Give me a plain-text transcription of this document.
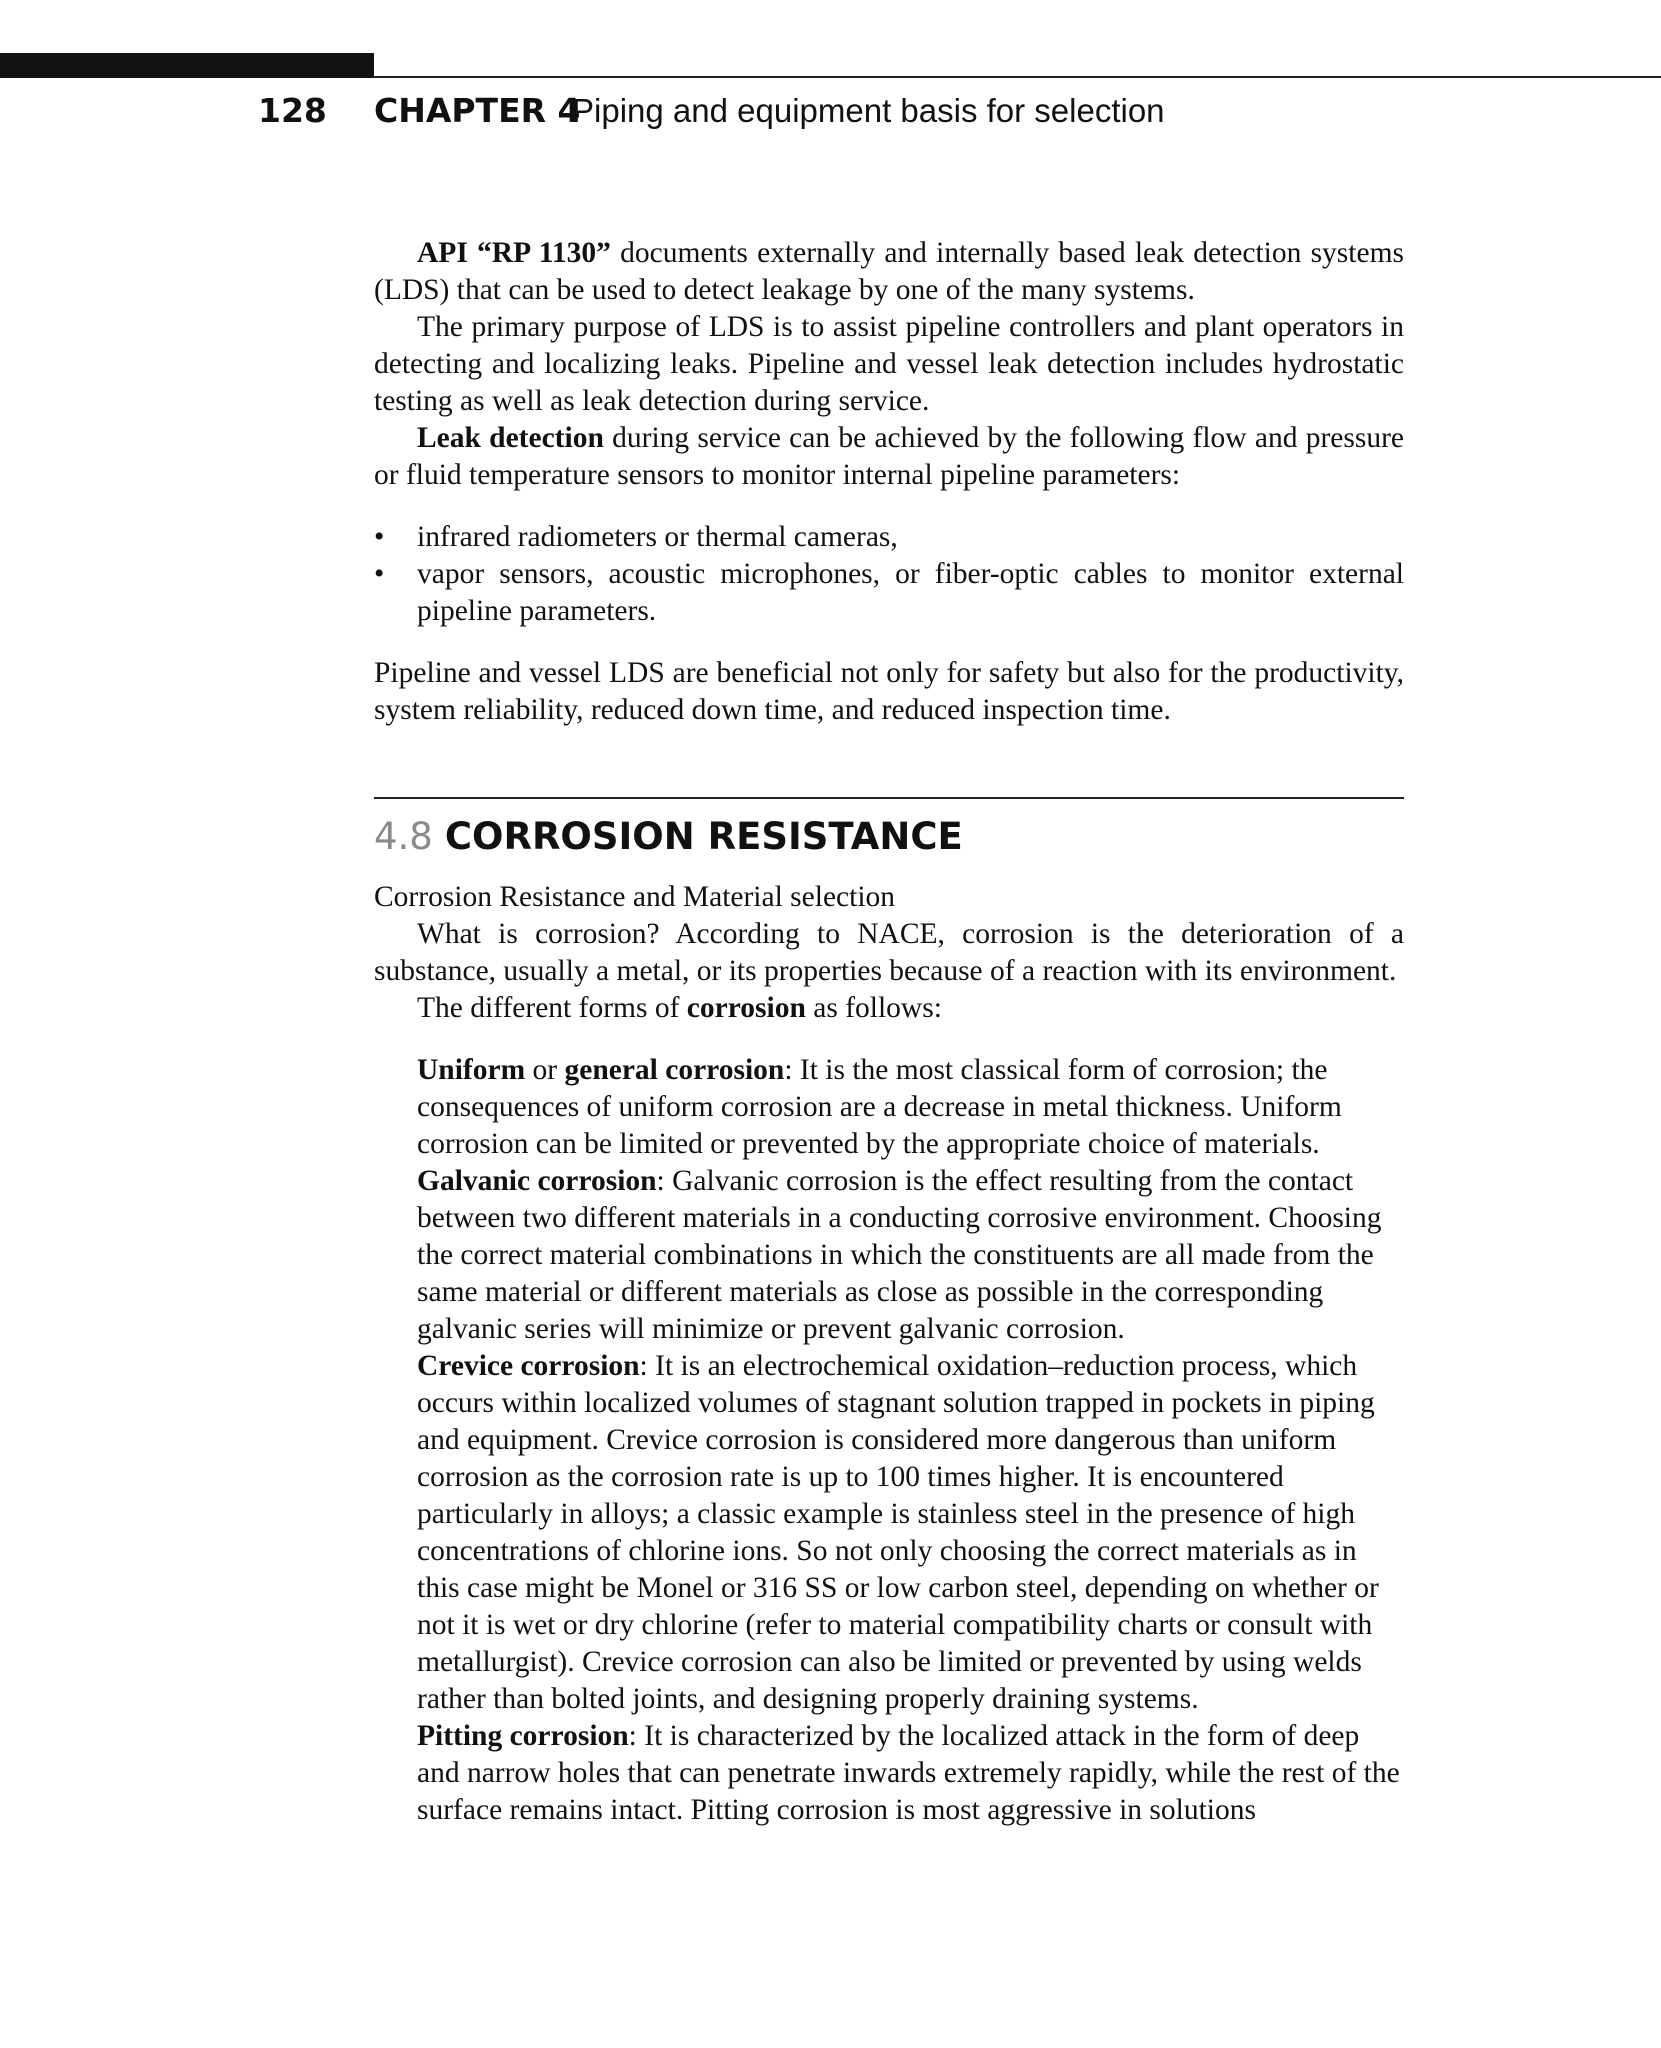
128 CHAPTER 4
Piping and equipment basis for selection

API “RP 1130” documents externally and internally based leak detection systems (LDS) that can be used to detect leakage by one of the many systems.

The primary purpose of LDS is to assist pipeline controllers and plant operators in detecting and localizing leaks. Pipeline and vessel leak detection includes hydrostatic testing as well as leak detection during service.

Leak detection during service can be achieved by the following flow and pressure or fluid temperature sensors to monitor internal pipeline parameters:

• infrared radiometers or thermal cameras,
• vapor sensors, acoustic microphones, or fiber-optic cables to monitor external pipeline parameters.

Pipeline and vessel LDS are beneficial not only for safety but also for the productivity, system reliability, reduced down time, and reduced inspection time.

4.8 CORROSION RESISTANCE

Corrosion Resistance and Material selection

What is corrosion? According to NACE, corrosion is the deterioration of a substance, usually a metal, or its properties because of a reaction with its environment.

The different forms of corrosion as follows:

Uniform or general corrosion: It is the most classical form of corrosion; the consequences of uniform corrosion are a decrease in metal thickness. Uniform corrosion can be limited or prevented by the appropriate choice of materials.

Galvanic corrosion: Galvanic corrosion is the effect resulting from the contact between two different materials in a conducting corrosive environment. Choosing the correct material combinations in which the constituents are all made from the same material or different materials as close as possible in the corresponding galvanic series will minimize or prevent galvanic corrosion.

Crevice corrosion: It is an electrochemical oxidation–reduction process, which occurs within localized volumes of stagnant solution trapped in pockets in piping and equipment. Crevice corrosion is considered more dangerous than uniform corrosion as the corrosion rate is up to 100 times higher. It is encountered particularly in alloys; a classic example is stainless steel in the presence of high concentrations of chlorine ions. So not only choosing the correct materials as in this case might be Monel or 316 SS or low carbon steel, depending on whether or not it is wet or dry chlorine (refer to material compatibility charts or consult with metallurgist). Crevice corrosion can also be limited or prevented by using welds rather than bolted joints, and designing properly draining systems.

Pitting corrosion: It is characterized by the localized attack in the form of deep and narrow holes that can penetrate inwards extremely rapidly, while the rest of the surface remains intact. Pitting corrosion is most aggressive in solutions
